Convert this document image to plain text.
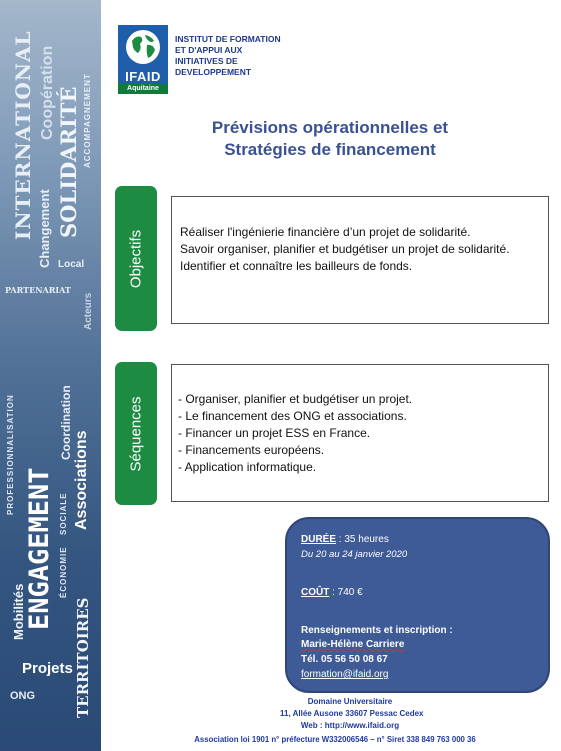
INTERNATIONAL Coopération
Changement SOLIDARITÉ ACCOMPAGNEMENT
Local
Acteurs
PARTENARIAT
PROFESSIONNALISATION
ENGAGEMENT
Coordination
Associations
SOCIALE
ÉCONOMIE
Mobilités	TERRITOIRES
Projets
ONG
IFAID
Aquitaine
INSTITUT DE FORMATION
ET D'APPUI AUX
INITIATIVES DE
DEVELOPPEMENT
Prévisions opérationnelles et
Stratégies de financement
Objectifs	Réaliser l'ingénierie financière d’un projet de solidarité.

Savoir organiser, planifier et budgétiser un projet de solidarité.

Identifier et connaître les bailleurs de fonds.

Séquences	- Organiser, planifier et budgétiser un projet.

- Le financement des ONG et associations.

- Financer un projet ESS en France.

- Financements européens.

- Application informatique.

DURÉE : 35 heures
Du 20 au 24 janvier 2020
COÛT : 740 €
Renseignements et inscription :
Marie-Hélène Carriere
Tél. 05 56 50 08 67
formation@ifaid.org
Domaine Universitaire
11, Allée Ausone 33607 Pessac Cedex
Web : http://www.ifaid.org
Association loi 1901 n° préfecture W332006546 – n° Siret 338 849 763 000 36
